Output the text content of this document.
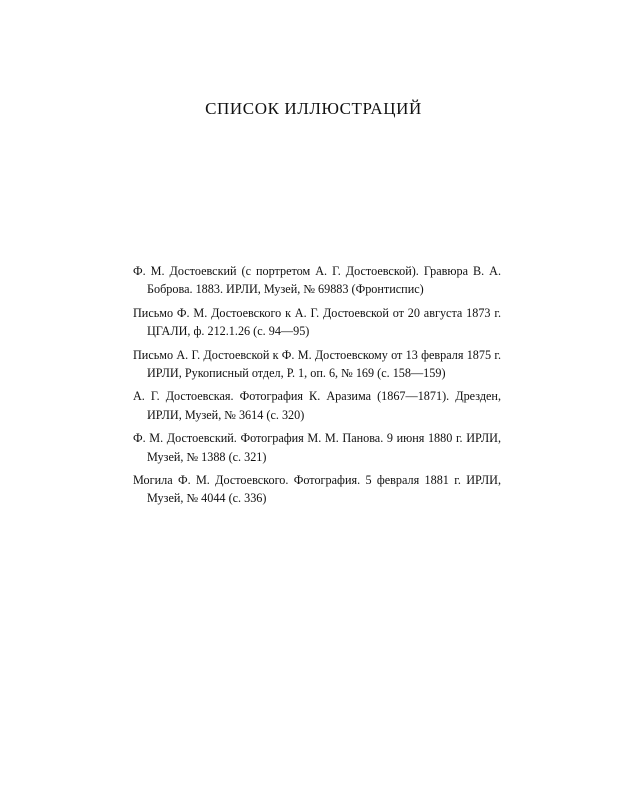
СПИСОК ИЛЛЮСТРАЦИЙ
Ф. М. Достоевский (с портретом А. Г. Достоевской). Гравюра В. А. Боброва. 1883. ИРЛИ, Музей, № 69883 (Фронтиспис)
Письмо Ф. М. Достоевского к А. Г. Достоевской от 20 августа 1873 г. ЦГАЛИ, ф. 212.1.26 (с. 94—95)
Письмо А. Г. Достоевской к Ф. М. Достоевскому от 13 февраля 1875 г. ИРЛИ, Рукописный отдел, Р. 1, оп. 6, № 169 (с. 158—159)
А. Г. Достоевская. Фотография К. Аразима (1867—1871). Дрезден, ИРЛИ, Музей, № 3614 (с. 320)
Ф. М. Достоевский. Фотография М. М. Панова. 9 июня 1880 г. ИРЛИ, Музей, № 1388 (с. 321)
Могила Ф. М. Достоевского. Фотография. 5 февраля 1881 г. ИРЛИ, Музей, № 4044 (с. 336)
